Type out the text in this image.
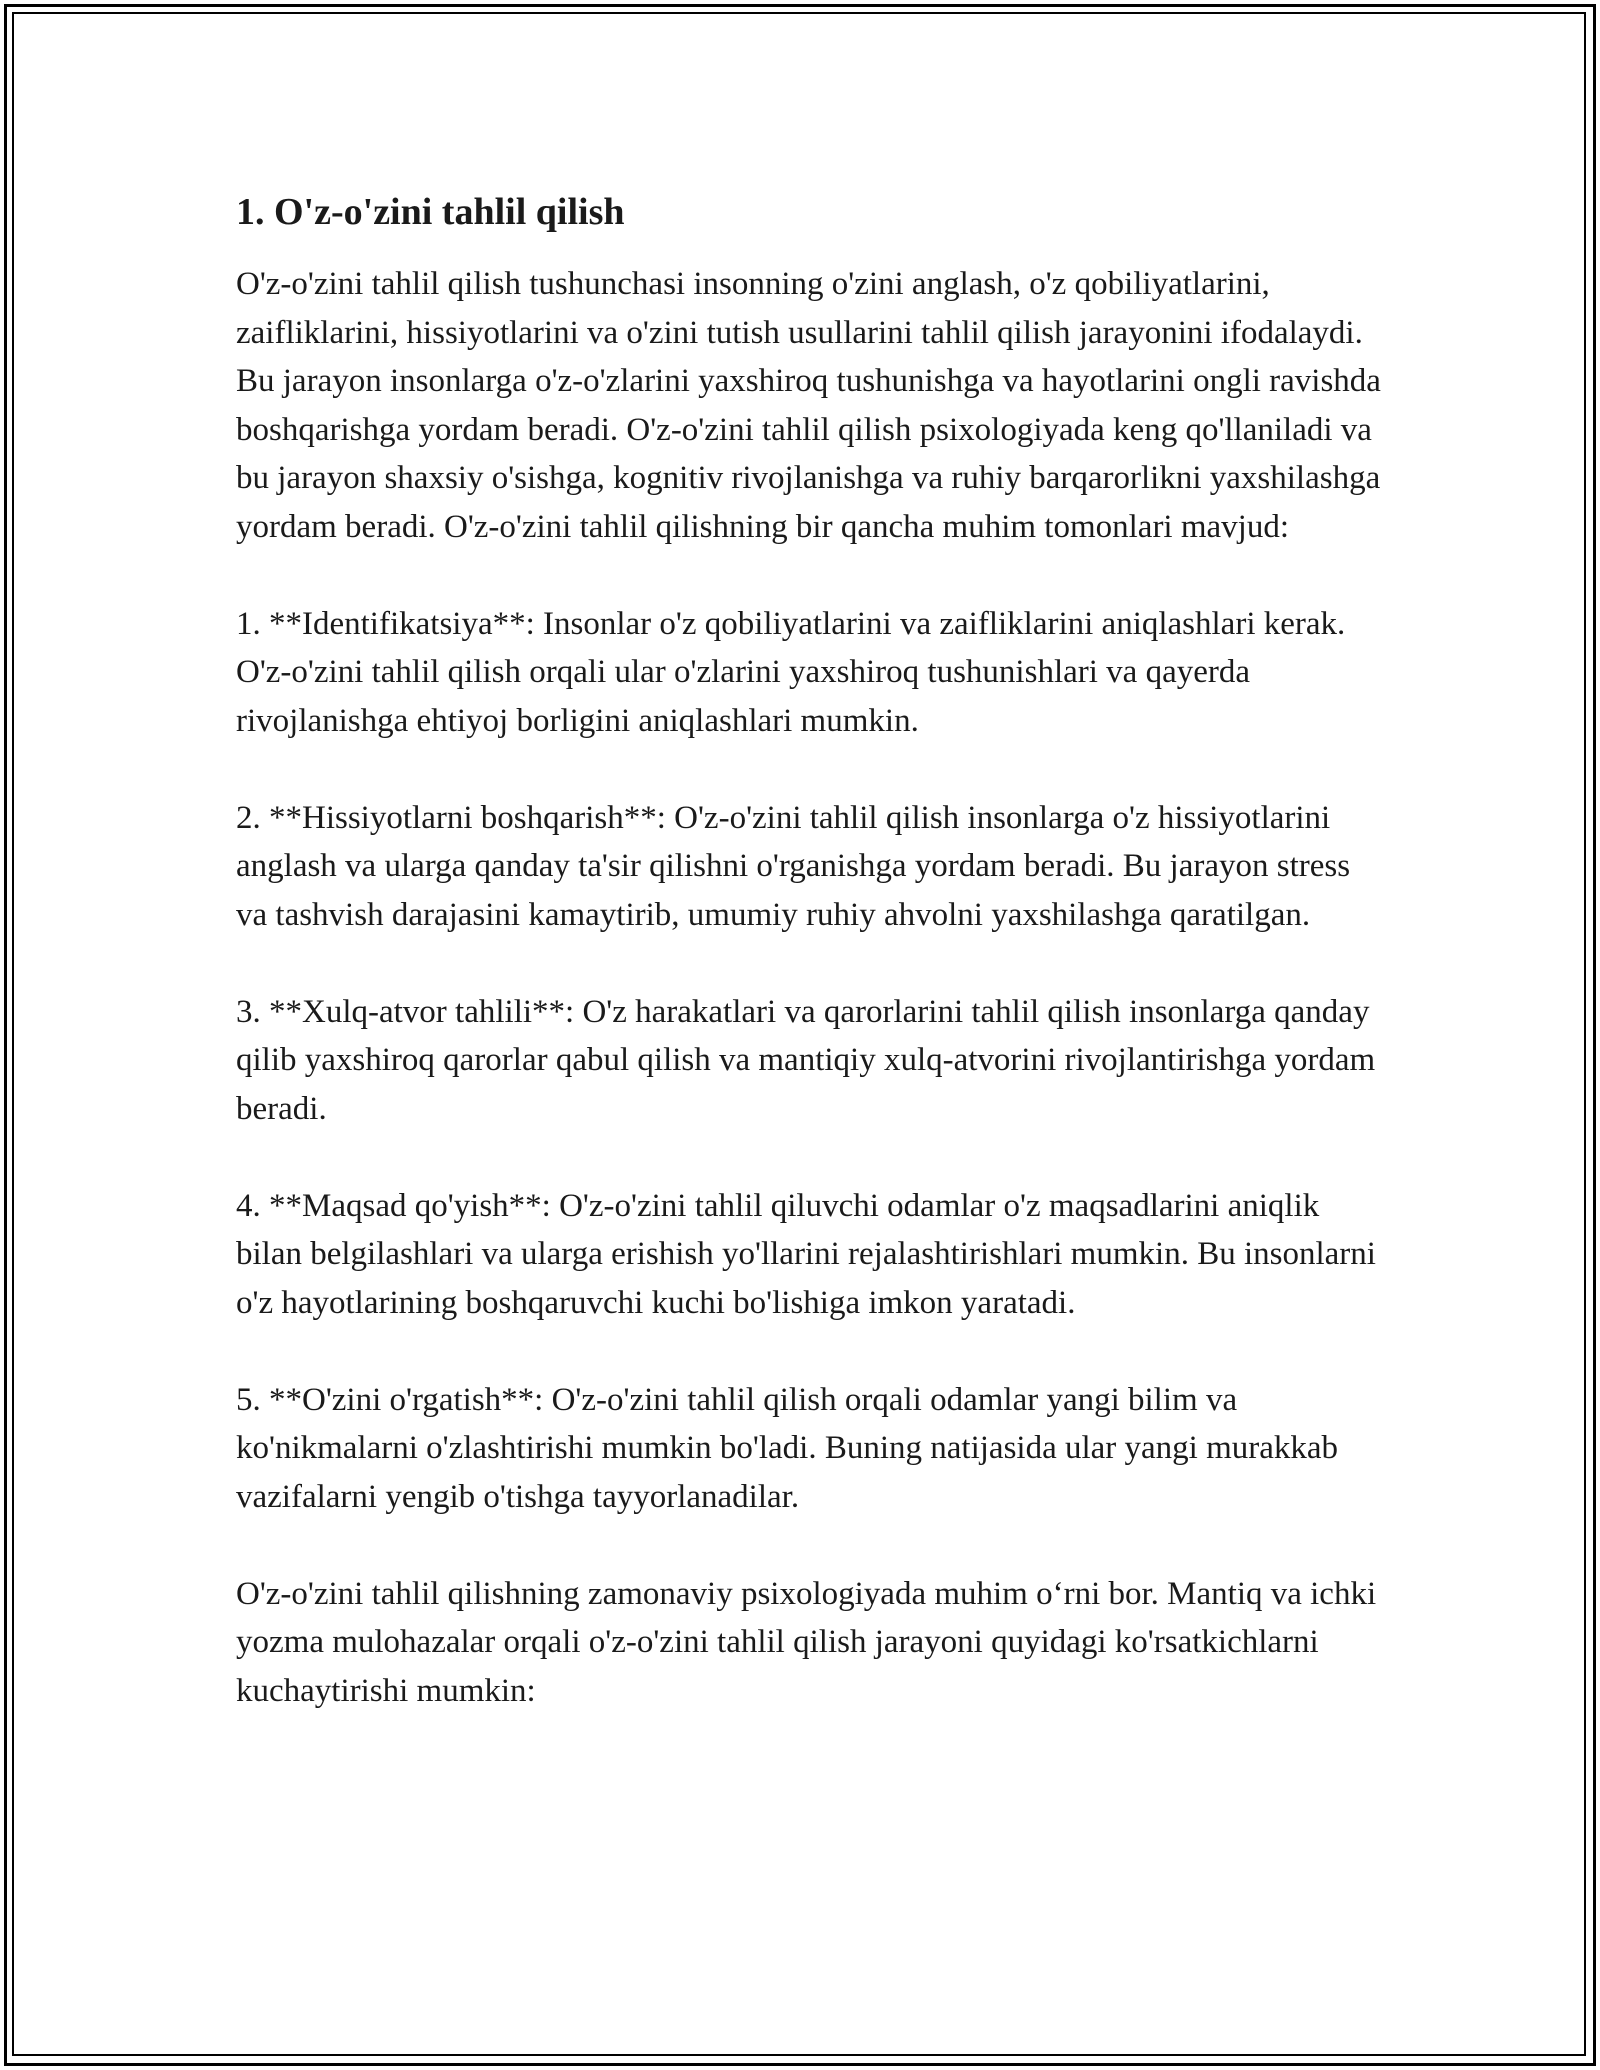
1. O'z-o'zini tahlil qilish

O'z-o'zini tahlil qilish tushunchasi insonning o'zini anglash, o'z qobiliyatlarini, zaifliklarini, hissiyotlarini va o'zini tutish usullarini tahlil qilish jarayonini ifodalaydi. Bu jarayon insonlarga o'z-o'zlarini yaxshiroq tushunishga va hayotlarini ongli ravishda boshqarishga yordam beradi. O'z-o'zini tahlil qilish psixologiyada keng qo'llaniladi va bu jarayon shaxsiy o'sishga, kognitiv rivojlanishga va ruhiy barqarorlikni yaxshilashga yordam beradi. O'z-o'zini tahlil qilishning bir qancha muhim tomonlari mavjud:

1. **Identifikatsiya**: Insonlar o'z qobiliyatlarini va zaifliklarini aniqlashlari kerak. O'z-o'zini tahlil qilish orqali ular o'zlarini yaxshiroq tushunishlari va qayerda rivojlanishga ehtiyoj borligini aniqlashlari mumkin.

2. **Hissiyotlarni boshqarish**: O'z-o'zini tahlil qilish insonlarga o'z hissiyotlarini anglash va ularga qanday ta'sir qilishni o'rganishga yordam beradi. Bu jarayon stress va tashvish darajasini kamaytirib, umumiy ruhiy ahvolni yaxshilashga qaratilgan.

3. **Xulq-atvor tahlili**: O'z harakatlari va qarorlarini tahlil qilish insonlarga qanday qilib yaxshiroq qarorlar qabul qilish va mantiqiy xulq-atvorini rivojlantirishga yordam beradi.

4. **Maqsad qo'yish**: O'z-o'zini tahlil qiluvchi odamlar o'z maqsadlarini aniqlik bilan belgilashlari va ularga erishish yo'llarini rejalashtirishlari mumkin. Bu insonlarni o'z hayotlarining boshqaruvchi kuchi bo'lishiga imkon yaratadi.

5. **O'zini o'rgatish**: O'z-o'zini tahlil qilish orqali odamlar yangi bilim va ko'nikmalarni o'zlashtirishi mumkin bo'ladi. Buning natijasida ular yangi murakkab vazifalarni yengib o'tishga tayyorlanadilar.

O'z-o'zini tahlil qilishning zamonaviy psixologiyada muhim o‘rni bor. Mantiq va ichki yozma mulohazalar orqali o'z-o'zini tahlil qilish jarayoni quyidagi ko'rsatkichlarni kuchaytirishi mumkin:
